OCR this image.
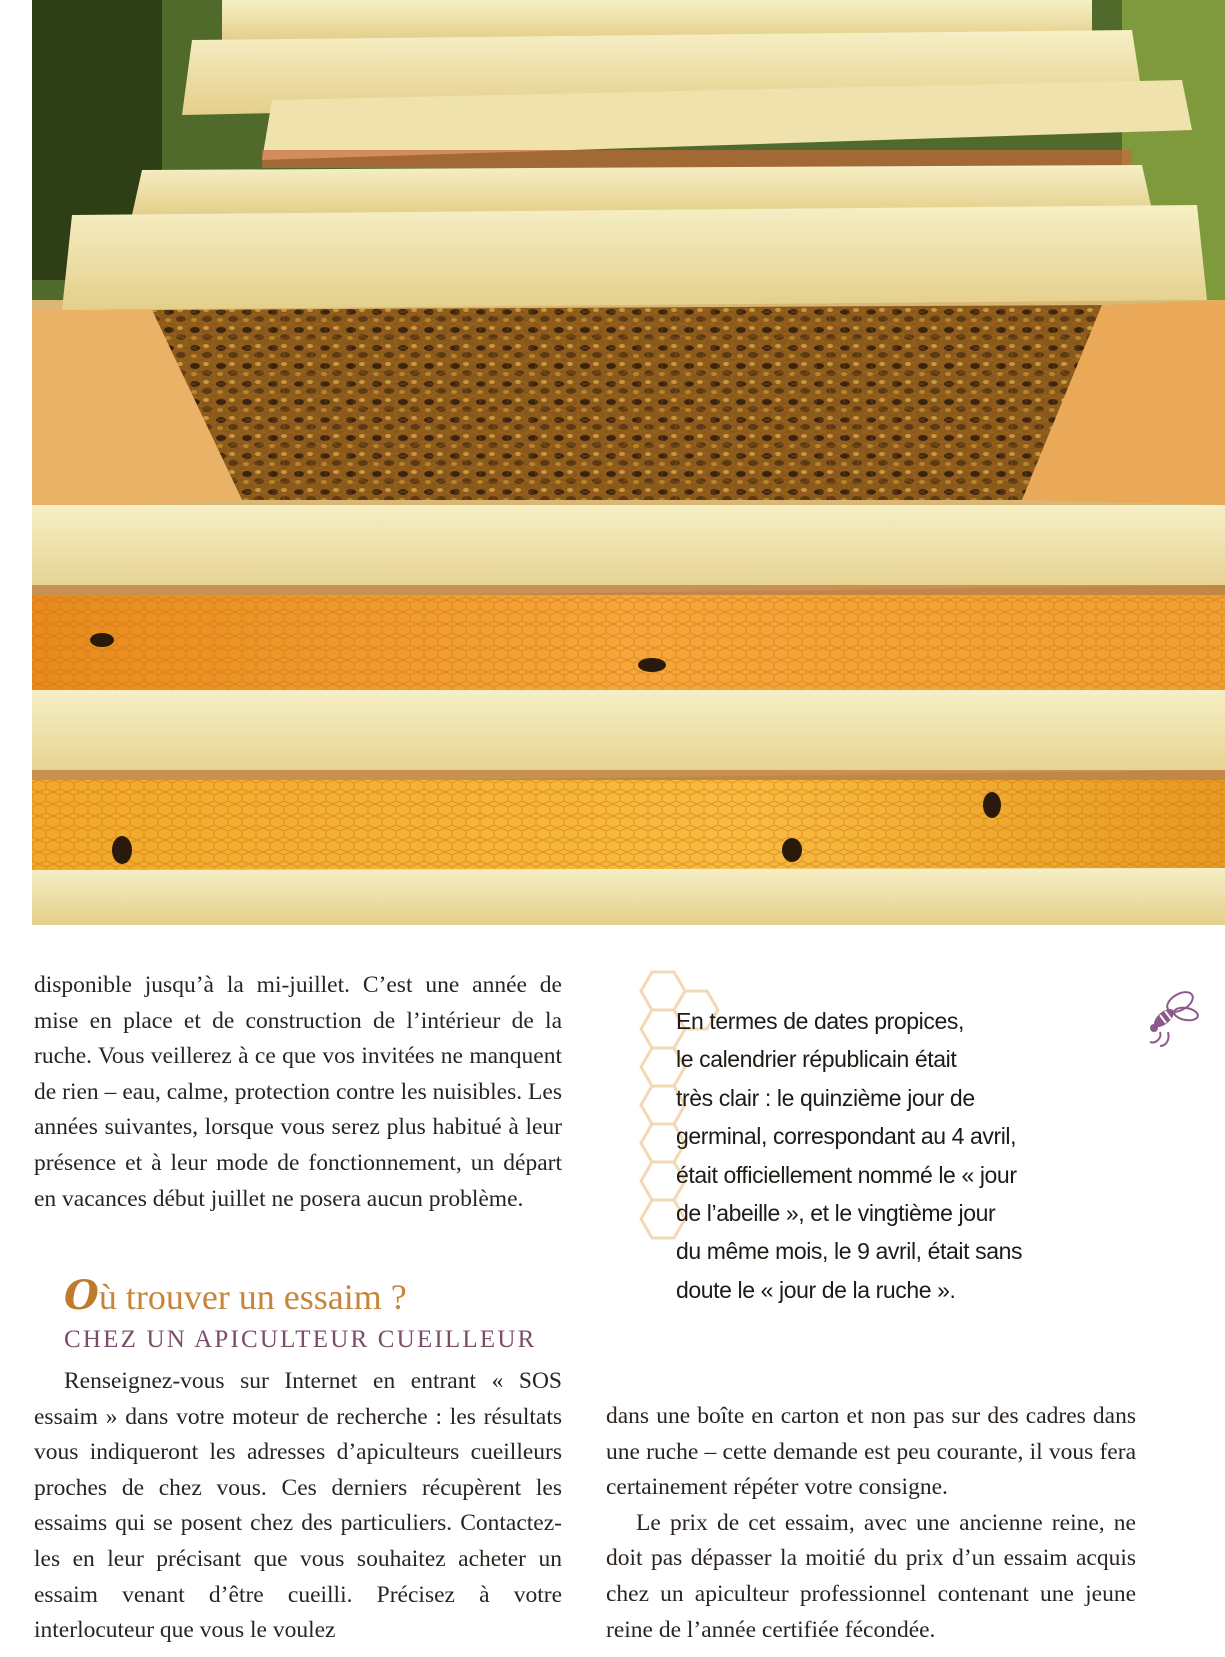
disponible jusqu’à la mi-juillet. C’est une année de mise en place et de construction de l’intérieur de la ruche. Vous veillerez à ce que vos invitées ne manquent de rien – eau, calme, protection contre les nuisibles. Les années suivantes, lorsque vous serez plus habitué à leur présence et à leur mode de fonctionnement, un départ en vacances début juillet ne posera aucun problème.

Où trouver un essaim ?
CHEZ UN APICULTEUR CUEILLEUR

Renseignez-vous sur Internet en entrant « SOS essaim » dans votre moteur de recherche : les résultats vous indiqueront les adresses d’apiculteurs cueilleurs proches de chez vous. Ces derniers récupèrent les essaims qui se posent chez des particuliers. Contactez-les en leur précisant que vous souhaitez acheter un essaim venant d’être cueilli. Précisez à votre interlocuteur que vous le voulez

En termes de dates propices,

le calendrier républicain était

très clair : le quinzième jour de

germinal, correspondant au 4 avril,

était officiellement nommé le « jour

de l’abeille », et le vingtième jour

du même mois, le 9 avril, était sans

doute le « jour de la ruche ».

dans une boîte en carton et non pas sur des cadres dans une ruche – cette demande est peu courante, il vous fera certainement répéter votre consigne.

Le prix de cet essaim, avec une ancienne reine, ne doit pas dépasser la moitié du prix d’un essaim acquis chez un apiculteur professionnel contenant une jeune reine de l’année certifiée fécondée.
